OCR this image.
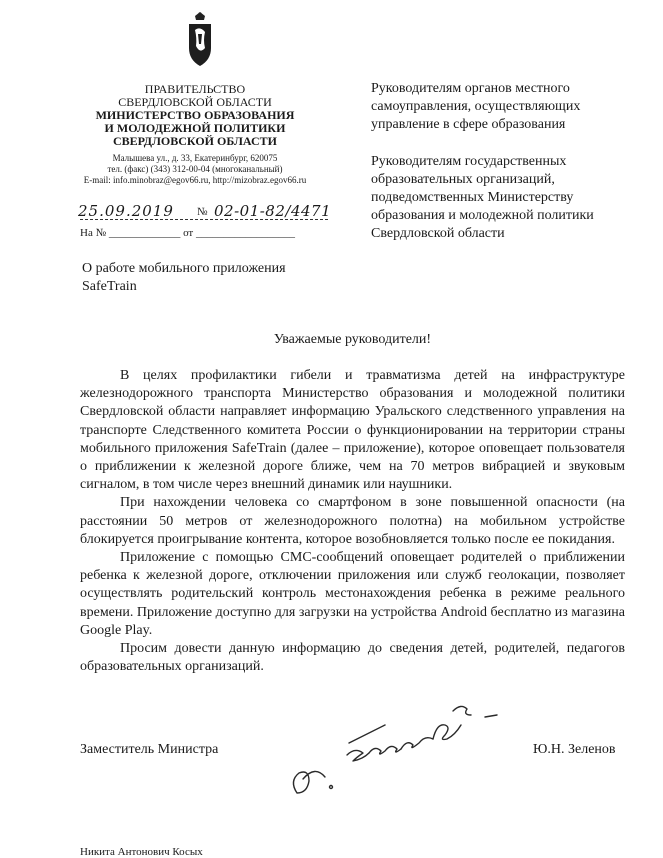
ПРАВИТЕЛЬСТВО
СВЕРДЛОВСКОЙ ОБЛАСТИ
МИНИСТЕРСТВО ОБРАЗОВАНИЯ
И МОЛОДЕЖНОЙ ПОЛИТИКИ
СВЕРДЛОВСКОЙ ОБЛАСТИ
Малышева ул., д. 33, Екатеринбург, 620075
тел. (факс) (343) 312-00-04 (многоканальный)
E-mail: info.minobraz@egov66.ru, http://mizobraz.egov66.ru
25.09.2019 № 02-01-82/4471
На № _____________ от __________________
Руководителям органов местного
самоуправления, осуществляющих
управление в сфере образования
Руководителям государственных
образовательных организаций,
подведомственных Министерству
образования и молодежной политики
Свердловской области
О работе мобильного приложения
SafeTrain
Уважаемые руководители!
В целях профилактики гибели и травматизма детей на инфраструктуре железнодорожного транспорта Министерство образования и молодежной политики Свердловской области направляет информацию Уральского следственного управления на транспорте Следственного комитета России о функционировании на территории страны мобильного приложения SafeTrain (далее – приложение), которое оповещает пользователя о приближении к железной дороге ближе, чем на 70 метров вибрацией и звуковым сигналом, в том числе через внешний динамик или наушники.
При нахождении человека со смартфоном в зоне повышенной опасности (на расстоянии 50 метров от железнодорожного полотна) на мобильном устройстве блокируется проигрывание контента, которое возобновляется только после ее покидания.
Приложение с помощью СМС-сообщений оповещает родителей о приближении ребенка к железной дороге, отключении приложения или служб геолокации, позволяет осуществлять родительский контроль местонахождения ребенка в режиме реального времени. Приложение доступно для загрузки на устройства Android бесплатно из магазина Google Play.
Просим довести данную информацию до сведения детей, родителей, педагогов образовательных организаций.
Заместитель Министра	Ю.Н. Зеленов
Никита Антонович Косых
